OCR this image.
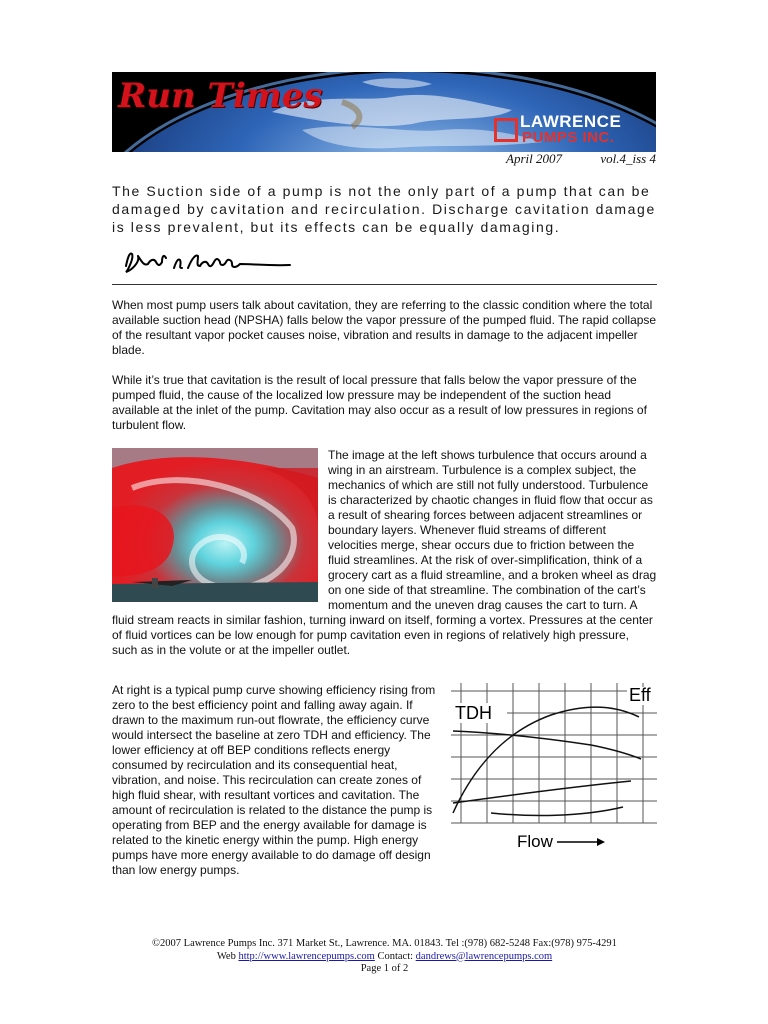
Run Times
LAWRENCE
PUMPS INC.
April 2007	vol.4_iss 4
The Suction side of a pump is not the only part of a pump that can be damaged by cavitation and recirculation. Discharge cavitation damage is less prevalent, but its effects can be equally damaging.
When most pump users talk about cavitation, they are referring to the classic condition where the total available suction head (NPSHA) falls below the vapor pressure of the pumped fluid. The rapid collapse of the resultant vapor pocket causes noise, vibration and results in damage to the adjacent impeller blade.
While it’s true that cavitation is the result of local pressure that falls below the vapor pressure of the pumped fluid, the cause of the localized low pressure may be independent of the suction head available at the inlet of the pump. Cavitation may also occur as a result of low pressures in regions of turbulent flow.
The image at the left shows turbulence that occurs around a wing in an airstream. Turbulence is a complex subject, the mechanics of which are still not fully understood. Turbulence is characterized by chaotic changes in fluid flow that occur as a result of shearing forces between adjacent streamlines or boundary layers. Whenever fluid streams of different velocities merge, shear occurs due to friction between the fluid streamlines. At the risk of over-simplification, think of a grocery cart as a fluid streamline, and a broken wheel as drag on one side of that streamline. The combination of the cart’s momentum and the uneven drag causes the cart to turn. A fluid stream reacts in similar fashion, turning inward on itself, forming a vortex. Pressures at the center of fluid vortices can be low enough for pump cavitation even in regions of relatively high pressure, such as in the volute or at the impeller outlet.
TDH
Eff
Flow
At right is a typical pump curve showing efficiency rising from zero to the best efficiency point and falling away again. If drawn to the maximum run-out flowrate, the efficiency curve would intersect the baseline at zero TDH and efficiency. The lower efficiency at off BEP conditions reflects energy consumed by recirculation and its consequential heat, vibration, and noise. This recirculation can create zones of high fluid shear, with resultant vortices and cavitation. The amount of recirculation is related to the distance the pump is operating from BEP and the energy available for damage is related to the kinetic energy within the pump. High energy pumps have more energy available to do damage off design than low energy pumps.
©2007 Lawrence Pumps Inc. 371 Market St., Lawrence. MA. 01843. Tel :(978) 682-5248 Fax:(978) 975-4291
Web http://www.lawrencepumps.com Contact: dandrews@lawrencepumps.com
Page 1 of 2
